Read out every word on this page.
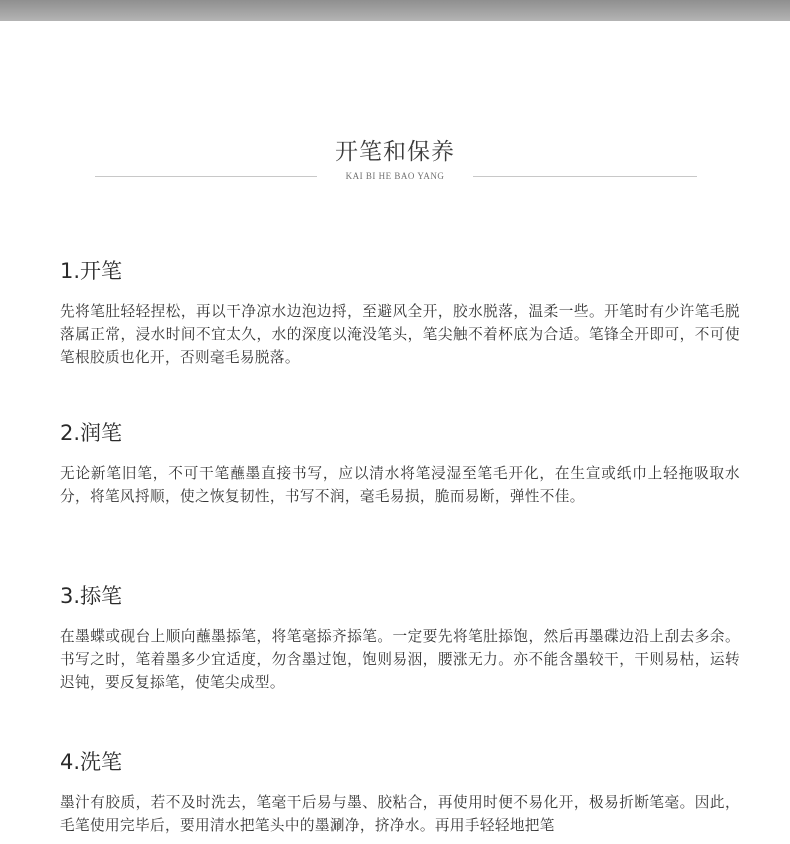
开笔和保养
KAI BI HE BAO YANG
1.开笔

先将笔肚轻轻捏松，再以干净凉水边泡边捋，至避风全开，胶水脱落，温柔一些。开笔时有少许笔毛脱落属正常，浸水时间不宜太久，水的深度以淹没笔头，笔尖触不着杯底为合适。笔锋全开即可，不可使笔根胶质也化开，否则毫毛易脱落。

2.润笔

无论新笔旧笔，不可干笔蘸墨直接书写，应以清水将笔浸湿至笔毛开化，在生宣或纸巾上轻拖吸取水分，将笔风捋顺，使之恢复韧性，书写不润，毫毛易损，脆而易断，弹性不佳。

3.掭笔

在墨蝶或砚台上顺向蘸墨掭笔，将笔毫掭齐掭笔。一定要先将笔肚掭饱，然后再墨碟边沿上刮去多余。书写之时，笔着墨多少宜适度，勿含墨过饱，饱则易洇，腰涨无力。亦不能含墨较干，干则易枯，运转迟钝，要反复掭笔，使笔尖成型。

4.洗笔

墨汁有胶质，若不及时洗去，笔毫干后易与墨、胶粘合，再使用时便不易化开，极易折断笔毫。因此，毛笔使用完毕后，要用清水把笔头中的墨涮净，挤净水。再用手轻轻地把笔
